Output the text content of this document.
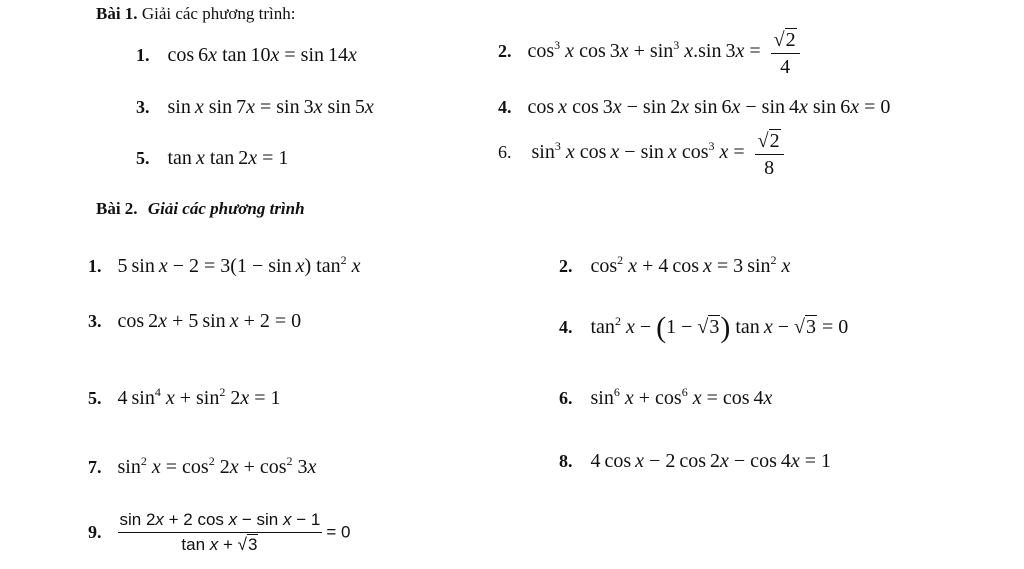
Bài 1. Giải các phương trình:
1. cos 6x tan 10x = sin 14x	2. $\cos^3 x$ $\cos 3x + \sin^3 x.\sin$ $3x = \frac{√2}{4}$
3. sin x sin 7x = sin 3x sin 5x	4. cos x cos 3x − sin 2x sin 6x − sin 4x sin 6x = 0
5. tan x tan 2x = 1	6. $\sin^3 x$ cos x − sin x $\cos^3 x = \frac{√2}{8}$
Bài 2. Giải các phương trình
1. 5 sin x − 2 = 3(1 − sin x) $\tan^2 x$	2. $\cos^2 x + 4$ cos x = 3 $\sin^2 x$
3. cos 2x + 5 sin x + 2 = 0	4. $\tan^2 x - (1 - √3)$ tan x − √3 = 0
5. 4 $\sin^4 x + \sin^2 2x = 1$	6. $\sin^6 x + \cos^6 x = \cos 4x$
7. $\sin^2 x = \cos^2 2x + \cos^2 3x$	8. 4 cos x − 2 cos 2x − cos 4x = 1
9. $\frac{\text{sin 2x + 2 cos x − sin x − 1}}{\text{tan x + √3}} = 0$
